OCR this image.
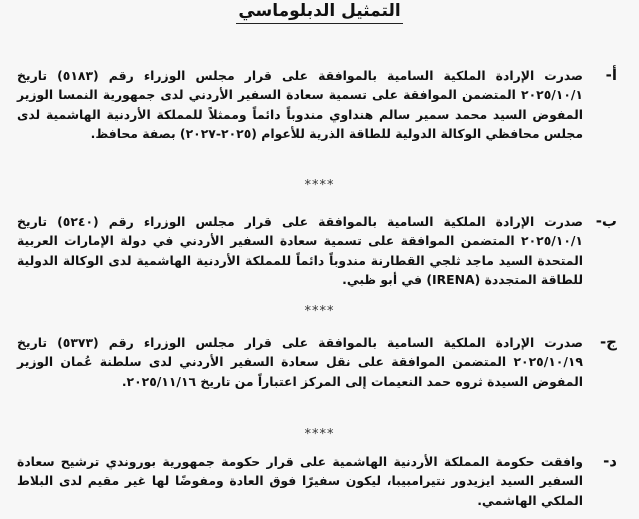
التمثيل الدبلوماسي
أ-
صدرت الإرادة الملكية السامية بالموافقة على قرار مجلس الوزراء رقم (٥١٨٣) تاريخ ٢٠٢٥/١٠/١ المتضمن الموافقة على تسمية سعادة السفير الأردني لدى جمهورية النمسا الوزير المفوض السيد محمد سمير سالم هنداوي مندوباً دائماً وممثلاً للمملكة الأردنية الهاشمية لدى مجلس محافظي الوكالة الدولية للطاقة الذرية للأعوام (٢٠٢٥-٢٠٢٧) بصفة محافظ.
****
ب-
صدرت الإرادة الملكية السامية بالموافقة على قرار مجلس الوزراء رقم (٥٢٤٠) تاريخ ٢٠٢٥/١٠/١ المتضمن الموافقة على تسمية سعادة السفير الأردني في دولة الإمارات العربية المتحدة السيد ماجد ثلجي القطارنة مندوباً دائماً للمملكة الأردنية الهاشمية لدى الوكالة الدولية للطاقة المتجددة (IRENA) في أبو ظبي.
****
ج-
صدرت الإرادة الملكية السامية بالموافقة على قرار مجلس الوزراء رقم (٥٣٧٣) تاريخ ٢٠٢٥/١٠/١٩ المتضمن الموافقة على نقل سعادة السفير الأردني لدى سلطنة عُمان الوزير المفوض السيدة ثروه حمد النعيمات إلى المركز اعتباراً من تاريخ ٢٠٢٥/١١/١٦.
****
د-
وافقت حكومة المملكة الأردنية الهاشمية على قرار حكومة جمهورية بوروندي ترشيح سعادة السفير السيد ايزيدور نتيرامبيبا، ليكون سفيرًا فوق العادة ومفوضًا لها غير مقيم لدى البلاط الملكي الهاشمي.
